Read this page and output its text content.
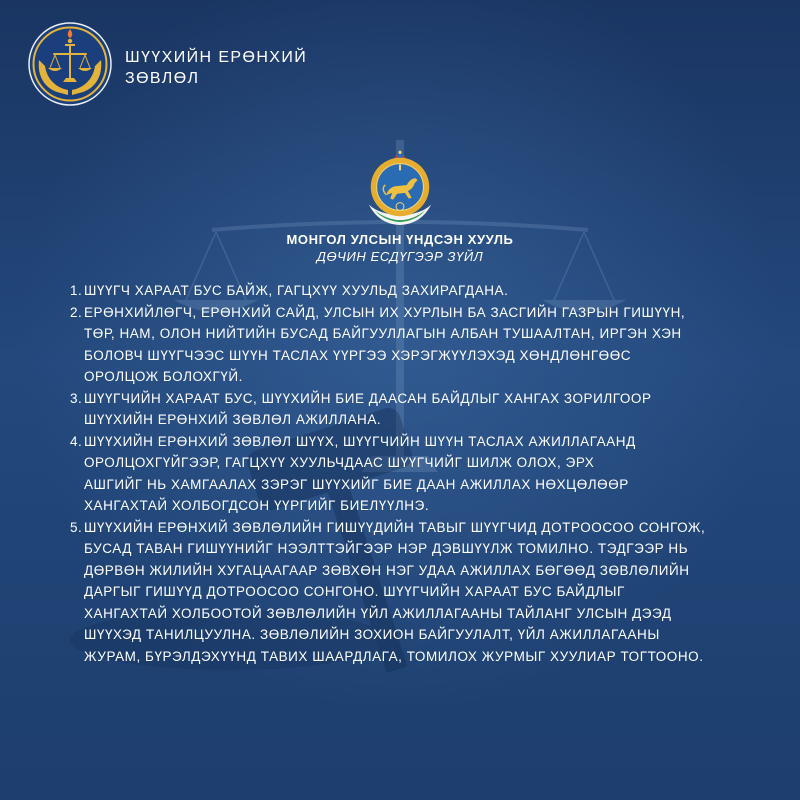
ШҮҮХИЙН ЕРӨНХИЙ
ЗӨВЛӨЛ
МОНГОЛ УЛСЫН ҮНДСЭН ХУУЛЬ
ДӨЧИН ЕСДҮГЭЭР ЗҮЙЛ
1. ШҮҮГЧ ХАРААТ БУС БАЙЖ, ГАГЦХҮҮ ХУУЛЬД ЗАХИРАГДАНА.
2. ЕРӨНХИЙЛӨГЧ, ЕРӨНХИЙ САЙД, УЛСЫН ИХ ХУРЛЫН БА ЗАСГИЙН ГАЗРЫН ГИШҮҮН,
ТӨР, НАМ, ОЛОН НИЙТИЙН БУСАД БАЙГУУЛЛАГЫН АЛБАН ТУШААЛТАН, ИРГЭН ХЭН
БОЛОВЧ ШҮҮГЧЭЭС ШҮҮН ТАСЛАХ ҮҮРГЭЭ ХЭРЭГЖҮҮЛЭХЭД ХӨНДЛӨНГӨӨС
ОРОЛЦОЖ БОЛОХГҮЙ.
3. ШҮҮГЧИЙН ХАРААТ БУС, ШҮҮХИЙН БИЕ ДААСАН БАЙДЛЫГ ХАНГАХ ЗОРИЛГООР
ШҮҮХИЙН ЕРӨНХИЙ ЗӨВЛӨЛ АЖИЛЛАНА.
4. ШҮҮХИЙН ЕРӨНХИЙ ЗӨВЛӨЛ ШҮҮХ, ШҮҮГЧИЙН ШҮҮН ТАСЛАХ АЖИЛЛАГААНД
ОРОЛЦОХГҮЙГЭЭР, ГАГЦХҮҮ ХУУЛЬЧДААС ШҮҮГЧИЙГ ШИЛЖ ОЛОХ, ЭРХ
АШГИЙГ НЬ ХАМГААЛАХ ЗЭРЭГ ШҮҮХИЙГ БИЕ ДААН АЖИЛЛАХ НӨХЦӨЛӨӨР
ХАНГАХТАЙ ХОЛБОГДСОН ҮҮРГИЙГ БИЕЛҮҮЛНЭ.
5. ШҮҮХИЙН ЕРӨНХИЙ ЗӨВЛӨЛИЙН ГИШҮҮДИЙН ТАВЫГ ШҮҮГЧИД ДОТРООСОО СОНГОЖ,
БУСАД ТАВАН ГИШҮҮНИЙГ НЭЭЛТТЭЙГЭЭР НЭР ДЭВШҮҮЛЖ ТОМИЛНО. ТЭДГЭЭР НЬ
ДӨРВӨН ЖИЛИЙН ХУГАЦААГААР ЗӨВХӨН НЭГ УДАА АЖИЛЛАХ БӨГӨӨД ЗӨВЛӨЛИЙН
ДАРГЫГ ГИШҮҮД ДОТРООСОО СОНГОНО. ШҮҮГЧИЙН ХАРААТ БУС БАЙДЛЫГ
ХАНГАХТАЙ ХОЛБООТОЙ ЗӨВЛӨЛИЙН ҮЙЛ АЖИЛЛАГААНЫ ТАЙЛАНГ УЛСЫН ДЭЭД
ШҮҮХЭД ТАНИЛЦУУЛНА. ЗӨВЛӨЛИЙН ЗОХИОН БАЙГУУЛАЛТ, ҮЙЛ АЖИЛЛАГААНЫ
ЖУРАМ, БҮРЭЛДЭХҮҮНД ТАВИХ ШААРДЛАГА, ТОМИЛОХ ЖУРМЫГ ХУУЛИАР ТОГТООНО.
